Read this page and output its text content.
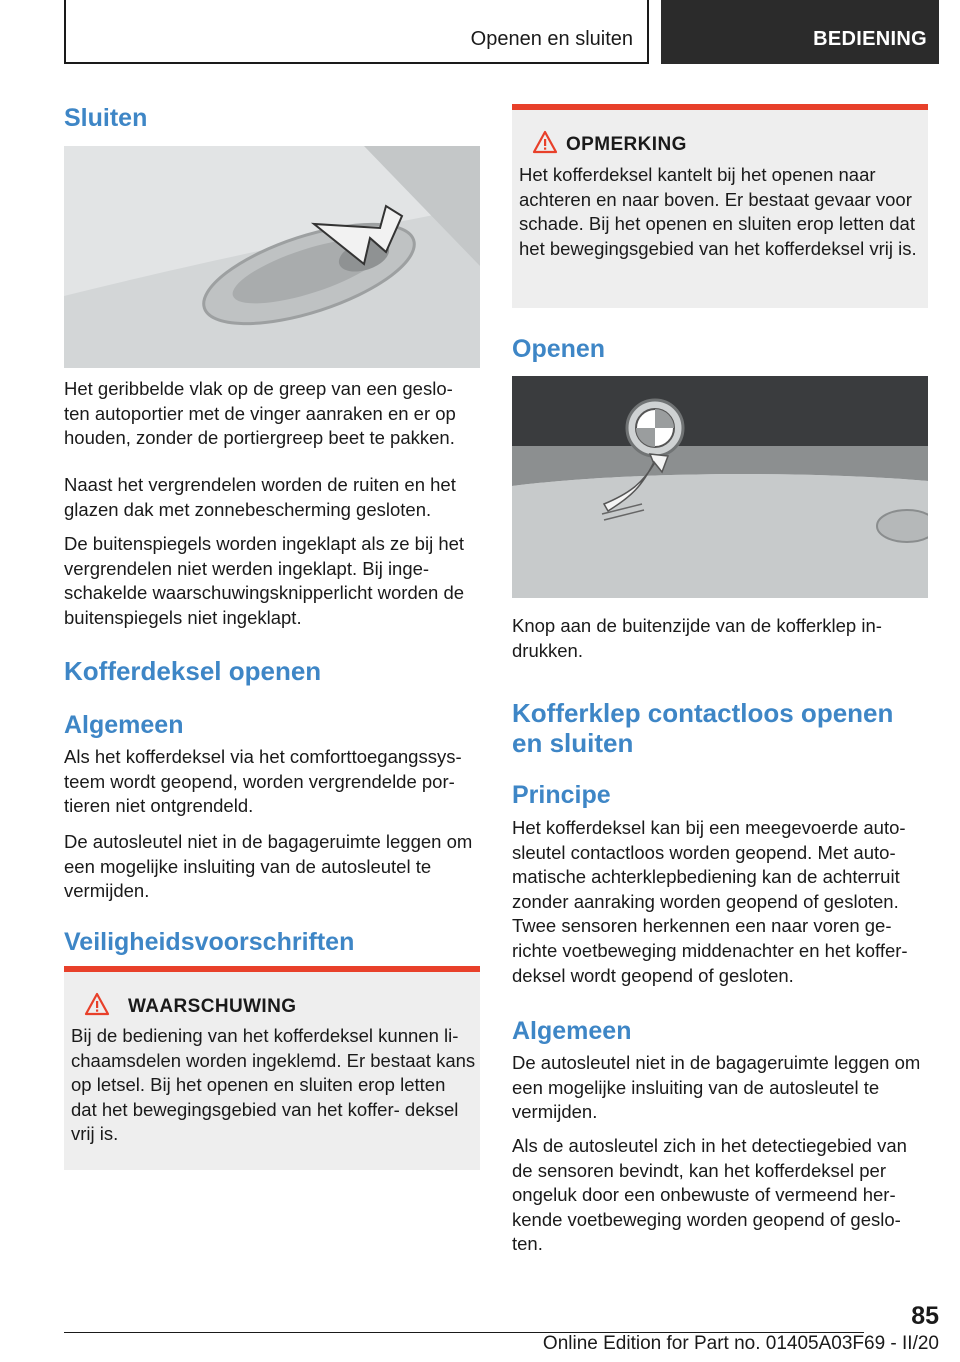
Openen en sluiten	BEDIENING
Sluiten

Het geribbelde vlak op de greep van een geslo‐ ten autoportier met de vinger aanraken en er op houden, zonder de portiergreep beet te pakken.

Naast het vergrendelen worden de ruiten en het glazen dak met zonnebescherming gesloten.

De buitenspiegels worden ingeklapt als ze bij het vergrendelen niet werden ingeklapt. Bij inge‐ schakelde waarschuwingsknipperlicht worden de buitenspiegels niet ingeklapt.

Kofferdeksel openen
Algemeen

Als het kofferdeksel via het comforttoegangssys‐ teem wordt geopend, worden vergrendelde por‐ tieren niet ontgrendeld.

De autosleutel niet in de bagageruimte leggen om een mogelijke insluiting van de autosleutel te vermijden.

Veiligheidsvoorschriften
WAARSCHUWING
Bij de bediening van het kofferdeksel kunnen li‐ chaamsdelen worden ingeklemd. Er bestaat kans op letsel. Bij het openen en sluiten erop letten dat het bewegingsgebied van het koffer‐ deksel vrij is.
OPMERKING
Het kofferdeksel kantelt bij het openen naar achteren en naar boven. Er bestaat gevaar voor schade. Bij het openen en sluiten erop letten dat het bewegingsgebied van het kofferdeksel vrij is.
Openen

Knop aan de buitenzijde van de kofferklep in‐ drukken.

Kofferklep contactloos openen en sluiten
Principe

Het kofferdeksel kan bij een meegevoerde auto‐ sleutel contactloos worden geopend. Met auto‐ matische achterklepbediening kan de achterruit zonder aanraking worden geopend of gesloten. Twee sensoren herkennen een naar voren ge‐ richte voetbeweging middenachter en het koffer‐ deksel wordt geopend of gesloten.

Algemeen

De autosleutel niet in de bagageruimte leggen om een mogelijke insluiting van de autosleutel te vermijden.

Als de autosleutel zich in het detectiegebied van de sensoren bevindt, kan het kofferdeksel per ongeluk door een onbewuste of vermeend her‐ kende voetbeweging worden geopend of geslo‐ ten.

85
Online Edition for Part no. 01405A03F69 - II/20
